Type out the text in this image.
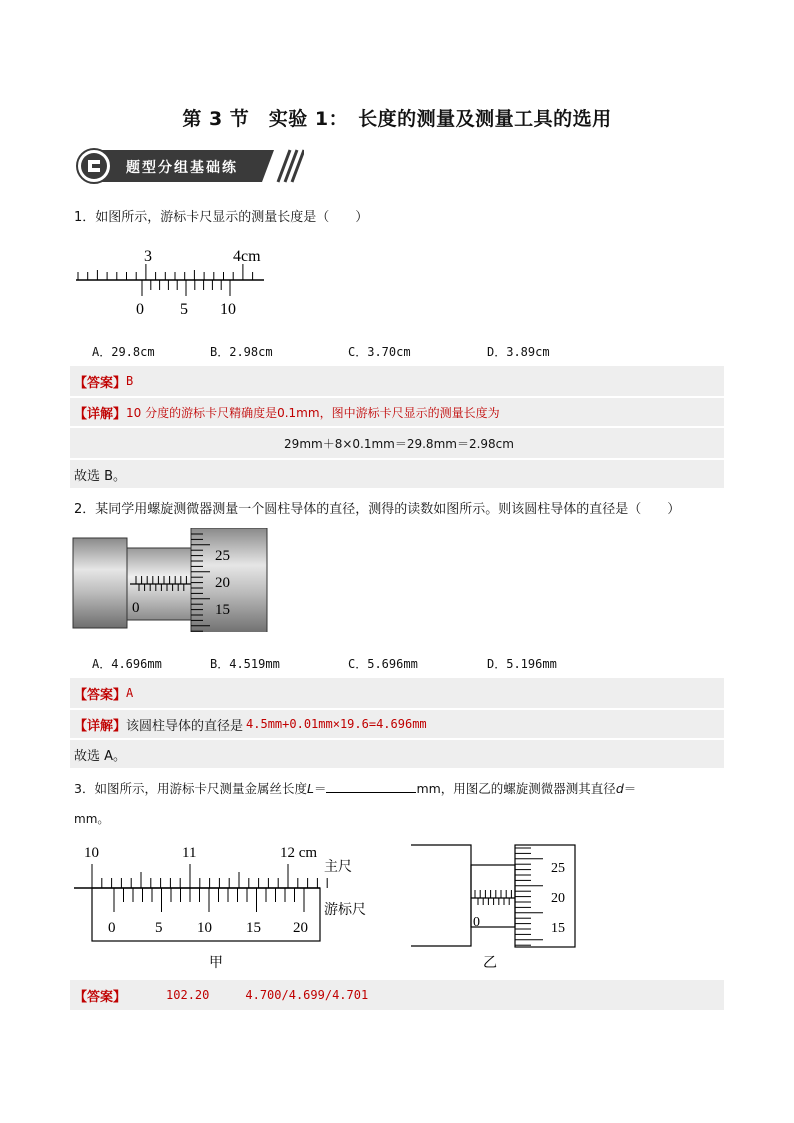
第 3 节　实验 1：　长度的测量及测量工具的选用
题型分组基础练
1．如图所示，游标卡尺显示的测量长度是（　　）
3	4cm
0 5 10
A．29.8cm	B．2.98cm	C．3.70cm	D．3.89cm
【答案】 B
【详解】 10 分度的游标卡尺精确度是0.1mm，图中游标卡尺显示的测量长度为
29mm＋8×0.1mm＝29.8mm＝2.98cm
故选 B。
2．某同学用螺旋测微器测量一个圆柱导体的直径，测得的读数如图所示。则该圆柱导体的直径是（　　）
0
25
20
15
A．4.696mm	B．4.519mm	C．5.696mm	D．5.196mm
【答案】 A
【详解】 该圆柱导体的直径是 4.5mm+0.01mm×19.6=4.696mm
故选 A。
3．如图所示，用游标卡尺测量金属丝长度L＝	mm，用图乙的螺旋测微器测其直径d＝
mm。
10	11	12 cm
0	5 10 15 20
主尺
游标尺
甲
0
25
20
15
乙
【答案】	102.20	4.700/4.699/4.701
